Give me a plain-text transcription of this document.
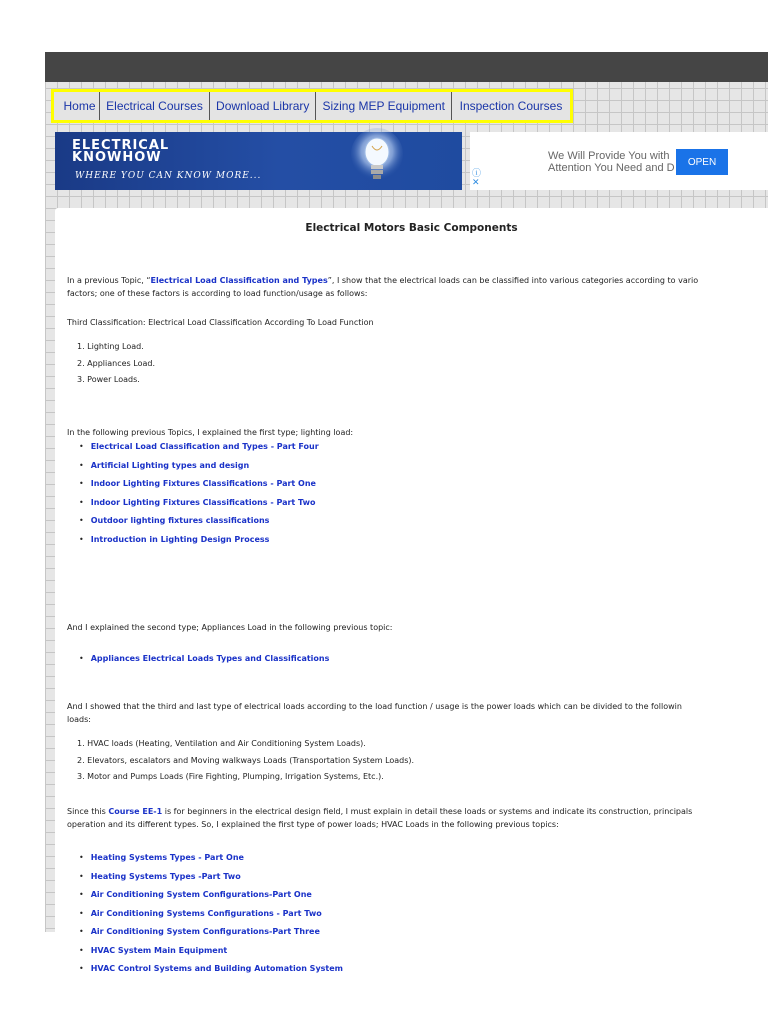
Home Electrical Courses	Download Library	Sizing MEP Equipment	Inspection Courses
ELECTRICAL
KNOWHOW
WHERE YOU CAN KNOW MORE...
We Will Provide You with
Attention You Need and D	OPEN
ⓘ
✕
Electrical Motors Basic Components

In a previous Topic, “Electrical Load Classification and Types”, I show that the electrical loads can be classified into various categories according to vario

factors; one of these factors is according to load function/usage as follows:

Third Classification: Electrical Load Classification According To Load Function

1. Lighting Load.
2. Appliances Load.
3. Power Loads.

In the following previous Topics, I explained the first type; lighting load:

• Electrical Load Classification and Types - Part Four
• Artificial Lighting types and design
• Indoor Lighting Fixtures Classifications - Part One
• Indoor Lighting Fixtures Classifications - Part Two
• Outdoor lighting fixtures classifications
• Introduction in Lighting Design Process

And I explained the second type; Appliances Load in the following previous topic:

• Appliances Electrical Loads Types and Classifications

And I showed that the third and last type of electrical loads according to the load function / usage is the power loads which can be divided to the followin

loads:

1. HVAC loads (Heating, Ventilation and Air Conditioning System Loads).
2. Elevators, escalators and Moving walkways Loads (Transportation System Loads).
3. Motor and Pumps Loads (Fire Fighting, Plumping, Irrigation Systems, Etc.).

Since this Course EE-1 is for beginners in the electrical design field, I must explain in detail these loads or systems and indicate its construction, principals

operation and its different types. So, I explained the first type of power loads; HVAC Loads in the following previous topics:

• Heating Systems Types - Part One
• Heating Systems Types -Part Two
• Air Conditioning System Configurations-Part One
• Air Conditioning Systems Configurations - Part Two
• Air Conditioning System Configurations-Part Three
• HVAC System Main Equipment
• HVAC Control Systems and Building Automation System
